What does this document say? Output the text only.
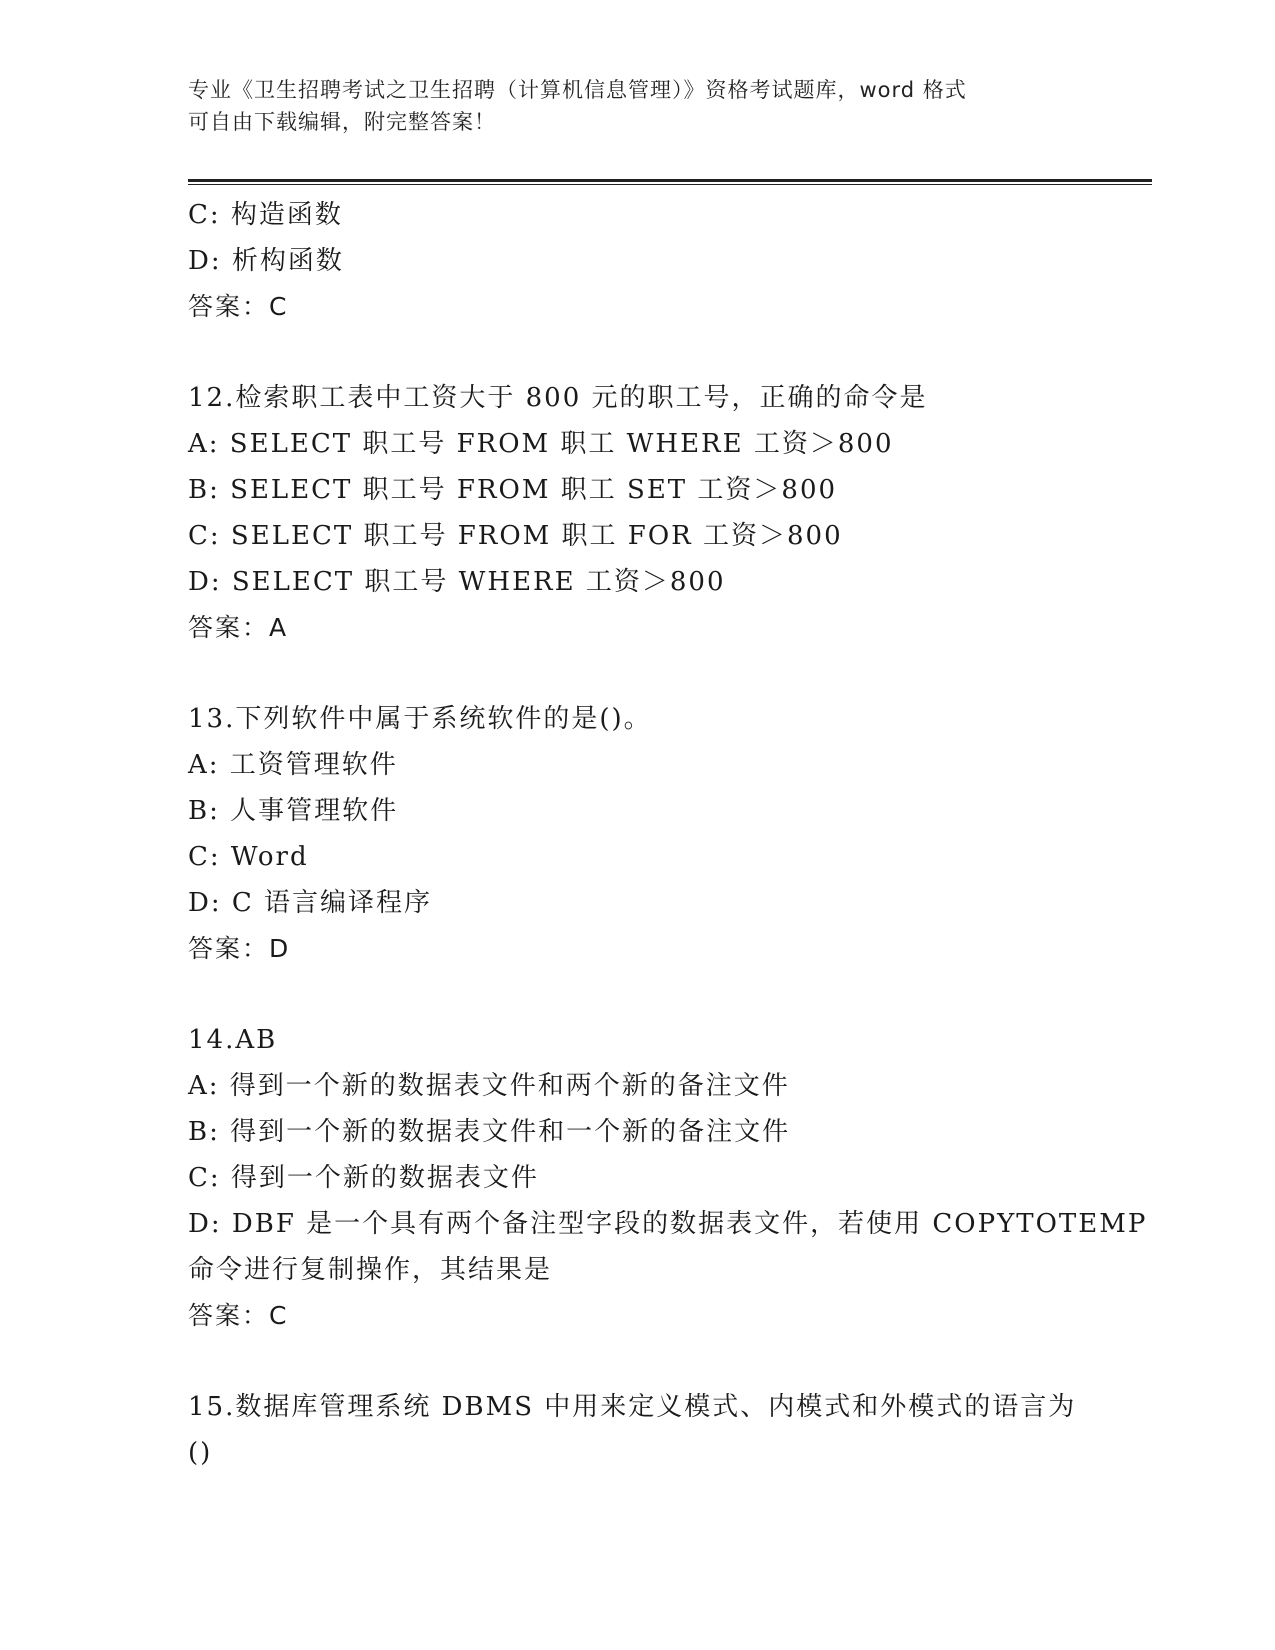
专业《卫生招聘考试之卫生招聘（计算机信息管理）》资格考试题库，word 格式
可自由下载编辑，附完整答案！
C: 构造函数
D: 析构函数
答案：C
12.检索职工表中工资大于 800 元的职工号，正确的命令是
A: SELECT 职工号 FROM 职工 WHERE 工资＞800
B: SELECT 职工号 FROM 职工 SET 工资＞800
C: SELECT 职工号 FROM 职工 FOR 工资＞800
D: SELECT 职工号 WHERE 工资＞800
答案：A
13.下列软件中属于系统软件的是()。
A: 工资管理软件
B: 人事管理软件
C: Word
D: C 语言编译程序
答案：D
14.AB
A: 得到一个新的数据表文件和两个新的备注文件
B: 得到一个新的数据表文件和一个新的备注文件
C: 得到一个新的数据表文件
D: DBF 是一个具有两个备注型字段的数据表文件，若使用 COPYTOTEMP
命令进行复制操作，其结果是
答案：C
15.数据库管理系统 DBMS 中用来定义模式、内模式和外模式的语言为
()
